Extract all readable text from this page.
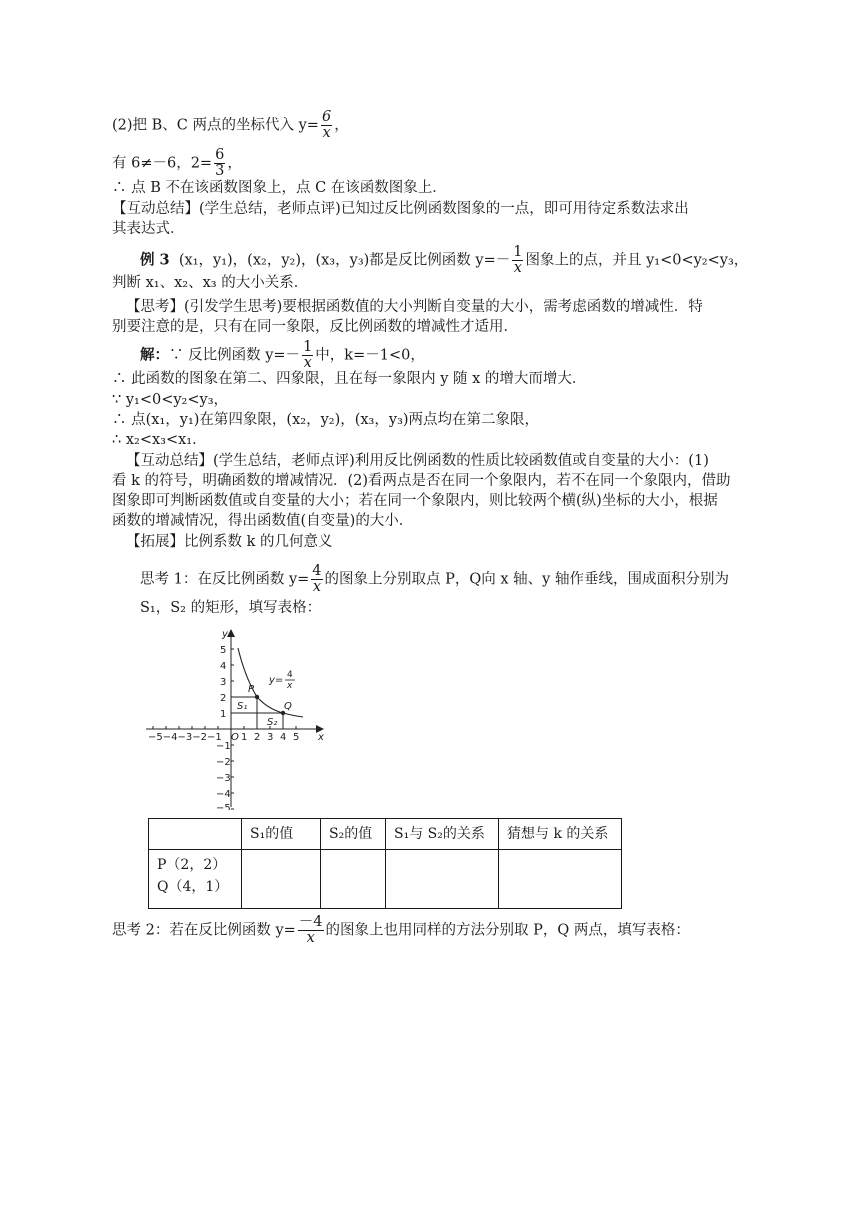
(2)把 B、C 两点的坐标代入 $y= \frac{6}{x}$ ，
有 6≠－6，$2= \frac{6}{3}$ ，
∴ 点 B 不在该函数图象上，点 C 在该函数图象上．
【互动总结】(学生总结，老师点评)已知过反比例函数图象的一点，即可用待定系数法求出
其表达式．
例 3 (x₁，y₁)，(x₂，y₂)，(x₃，y₃)都是反比例函数 $y=- \frac{1}{x}$ 图象上的点，并且 y₁<0<y₂<y₃，
判断 x₁、x₂、x₃ 的大小关系．
【思考】(引发学生思考)要根据函数值的大小判断自变量的大小，需考虑函数的增减性．特
别要注意的是，只有在同一象限，反比例函数的增减性才适用．
解：∵ 反比例函数 $y=- \frac{1}{x}$ 中，k=－1<0，
∴ 此函数的图象在第二、四象限，且在每一象限内 y 随 x 的增大而增大．
∵ y₁<0<y₂<y₃，
∴ 点(x₁，y₁)在第四象限，(x₂，y₂)，(x₃，y₃)两点均在第二象限，
∴ x₂<x₃<x₁．
【互动总结】(学生总结，老师点评)利用反比例函数的性质比较函数值或自变量的大小：(1)
看 k 的符号，明确函数的增减情况．(2)看两点是否在同一个象限内，若不在同一个象限内，借助
图象即可判断函数值或自变量的大小；若在同一个象限内，则比较两个横(纵)坐标的大小，根据
函数的增减情况，得出函数值(自变量)的大小．
【拓展】比例系数 k 的几何意义
思考 1：在反比例函数 $y= \frac{4}{x}$ 的图象上分别取点 P，Q向 x 轴、y 轴作垂线，围成面积分别为
S₁，S₂ 的矩形，填写表格：
y
x
O
−5−4−3−2−1 1 2 3 4 5
1
2
3
4
5
−1
−2
−3
−4
−5
P
Q
S₁
S₂
y= 4
x
	S₁的值	S₂的值	S₁与 S₂的关系	猜想与 k 的关系

P（2，2）
Q（4，1）				

思考 2：若在反比例函数 $y= \frac{-4}{x}$ 的图象上也用同样的方法分别取 P，Q 两点，填写表格：
